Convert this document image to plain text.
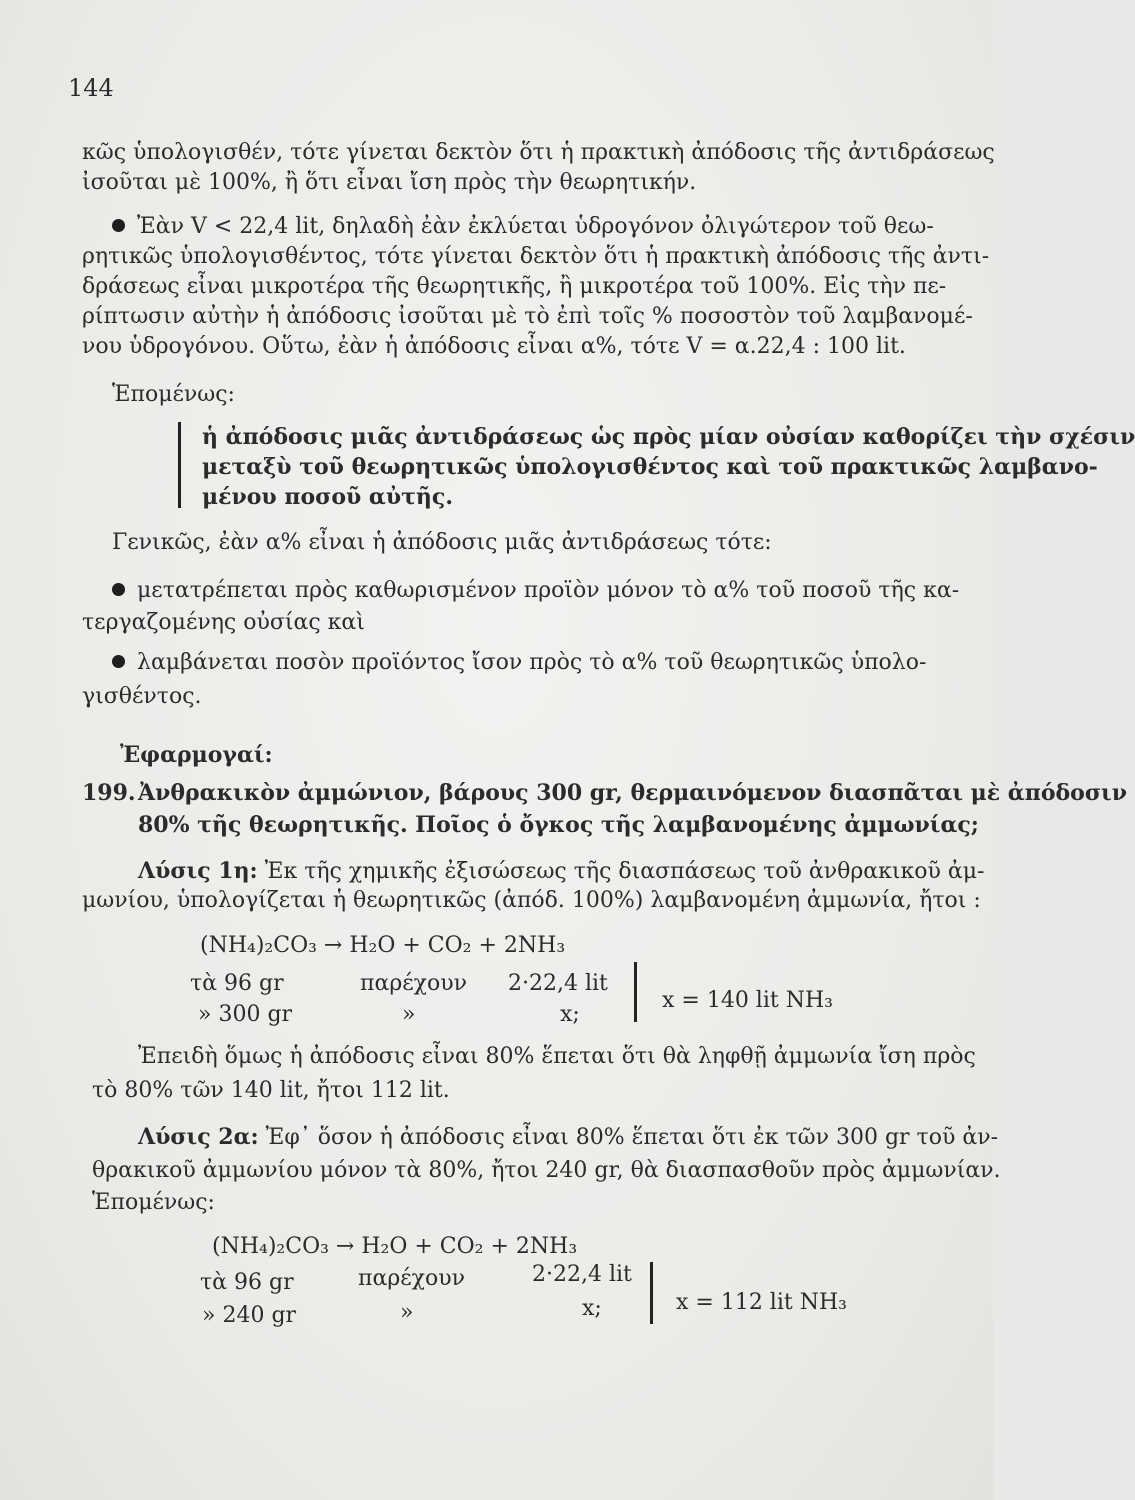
144
κῶς ὑπολογισθέν, τότε γίνεται δεκτὸν ὅτι ἡ πρακτικὴ ἀπόδοσις τῆς ἀντιδράσεως
ἰσοῦται μὲ 100%, ἢ ὅτι εἶναι ἴση πρὸς τὴν θεωρητικήν.
Ἐὰν V < 22,4 lit, δηλαδὴ ἐὰν ἐκλύεται ὑδρογόνον ὀλιγώτερον τοῦ θεω-
ρητικῶς ὑπολογισθέντος, τότε γίνεται δεκτὸν ὅτι ἡ πρακτικὴ ἀπόδοσις τῆς ἀντι-
δράσεως εἶναι μικροτέρα τῆς θεωρητικῆς, ἢ μικροτέρα τοῦ 100%. Εἰς τὴν πε-
ρίπτωσιν αὐτὴν ἡ ἀπόδοσις ἰσοῦται μὲ τὸ ἐπὶ τοῖς % ποσοστὸν τοῦ λαμβανομέ-
νου ὑδρογόνου. Οὕτω, ἐὰν ἡ ἀπόδοσις εἶναι α%, τότε V = α.22,4 : 100 lit.
Ἑπομένως:
ἡ ἀπόδοσις μιᾶς ἀντιδράσεως ὡς πρὸς μίαν οὐσίαν καθορίζει τὴν σχέσιν
μεταξὺ τοῦ θεωρητικῶς ὑπολογισθέντος καὶ τοῦ πρακτικῶς λαμβανο-
μένου ποσοῦ αὐτῆς.
Γενικῶς, ἐὰν α% εἶναι ἡ ἀπόδοσις μιᾶς ἀντιδράσεως τότε:
μετατρέπεται πρὸς καθωρισμένον προϊὸν μόνον τὸ α% τοῦ ποσοῦ τῆς κα-
τεργαζομένης οὐσίας καὶ
λαμβάνεται ποσὸν προϊόντος ἴσον πρὸς τὸ α% τοῦ θεωρητικῶς ὑπολο-
γισθέντος.
Ἐφαρμογαί:
199. Ἀνθρακικὸν ἀμμώνιον, βάρους 300 gr, θερμαινόμενον διασπᾶται μὲ ἀπόδοσιν
80% τῆς θεωρητικῆς. Ποῖος ὁ ὄγκος τῆς λαμβανομένης ἀμμωνίας;
Λύσις 1η: Ἐκ τῆς χημικῆς ἐξισώσεως τῆς διασπάσεως τοῦ ἀνθρακικοῦ ἀμ-
μωνίου, ὑπολογίζεται ἡ θεωρητικῶς (ἀπόδ. 100%) λαμβανομένη ἀμμωνία, ἤτοι :
(NH₄)₂CO₃ → H₂O + CO₂ + 2NH₃
τὰ 96 gr	παρέχουν 2·22,4 lit
» 300 gr	»	x;
x = 140 lit NH₃
Ἐπειδὴ ὅμως ἡ ἀπόδοσις εἶναι 80% ἕπεται ὅτι θὰ ληφθῇ ἀμμωνία ἴση πρὸς
τὸ 80% τῶν 140 lit, ἤτοι 112 lit.
Λύσις 2α: Ἐφ᾽ ὅσον ἡ ἀπόδοσις εἶναι 80% ἕπεται ὅτι ἐκ τῶν 300 gr τοῦ ἀν-
θρακικοῦ ἀμμωνίου μόνον τὰ 80%, ἤτοι 240 gr, θὰ διασπασθοῦν πρὸς ἀμμωνίαν.
Ἑπομένως:
(NH₄)₂CO₃ → H₂O + CO₂ + 2NH₃
τὰ 96 gr	παρέχουν	2·22,4 lit
» 240 gr	»	x;	x = 112 lit NH₃
